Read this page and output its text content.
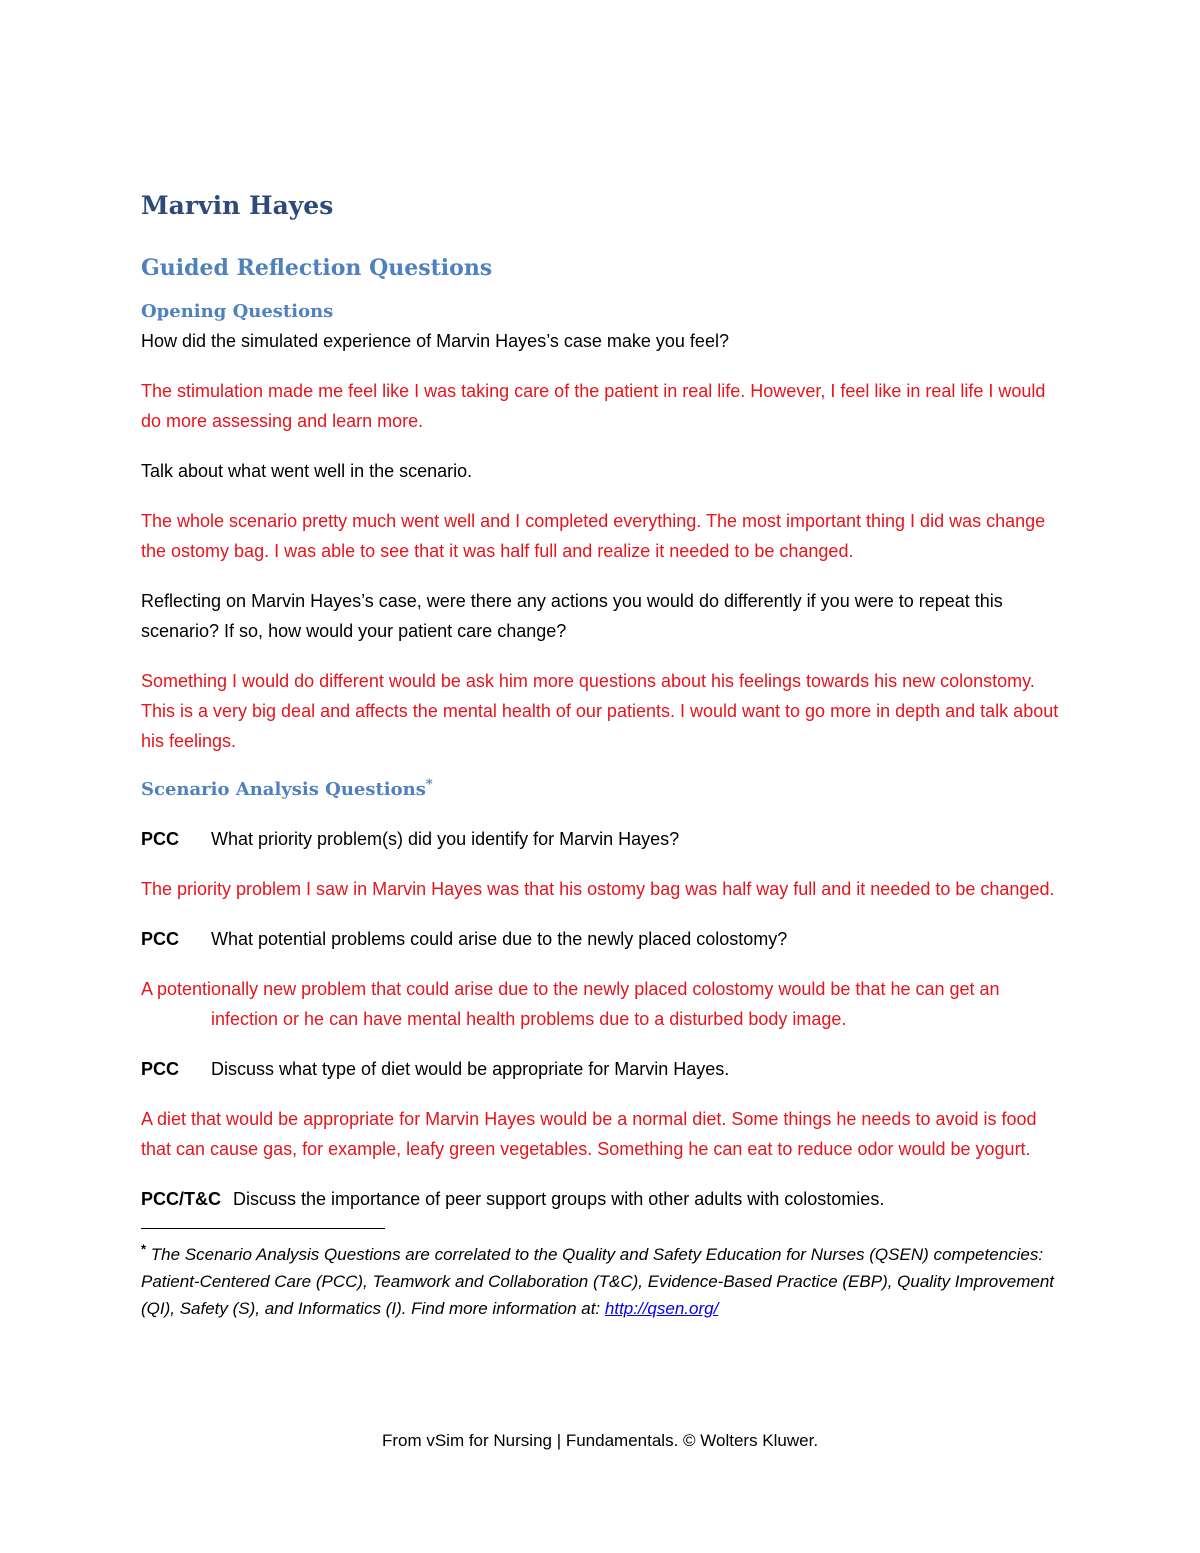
Marvin Hayes
Guided Reflection Questions
Opening Questions

How did the simulated experience of Marvin Hayes’s case make you feel?

The stimulation made me feel like I was taking care of the patient in real life. However, I feel like in real life I would do more assessing and learn more.

Talk about what went well in the scenario.

The whole scenario pretty much went well and I completed everything. The most important thing I did was change the ostomy bag. I was able to see that it was half full and realize it needed to be changed.

Reflecting on Marvin Hayes’s case, were there any actions you would do differently if you were to repeat this scenario? If so, how would your patient care change?

Something I would do different would be ask him more questions about his feelings towards his new colonstomy. This is a very big deal and affects the mental health of our patients. I would want to go more in depth and talk about his feelings.

Scenario Analysis Questions*
PCC	What priority problem(s) did you identify for Marvin Hayes?

The priority problem I saw in Marvin Hayes was that his ostomy bag was half way full and it needed to be changed.

PCC	What potential problems could arise due to the newly placed colostomy?

A potentionally new problem that could arise due to the newly placed colostomy would be that he can get an infection or he can have mental health problems due to a disturbed body image.

PCC	Discuss what type of diet would be appropriate for Marvin Hayes.

A diet that would be appropriate for Marvin Hayes would be a normal diet. Some things he needs to avoid is food that can cause gas, for example, leafy green vegetables. Something he can eat to reduce odor would be yogurt.

PCC/T&C Discuss the importance of peer support groups with other adults with colostomies.

* The Scenario Analysis Questions are correlated to the Quality and Safety Education for Nurses (QSEN) competencies: Patient-Centered Care (PCC), Teamwork and Collaboration (T&C), Evidence-Based Practice (EBP), Quality Improvement (QI), Safety (S), and Informatics (I). Find more information at: http://qsen.org/

From vSim for Nursing | Fundamentals. © Wolters Kluwer.
